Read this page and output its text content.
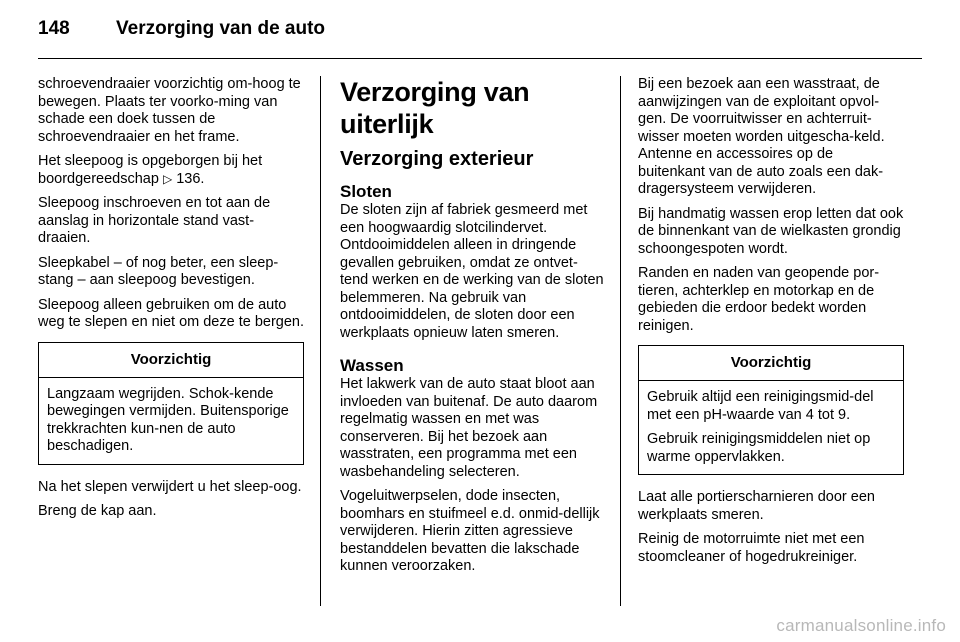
148	Verzorging van de auto

schroevendraaier voorzichtig om-hoog te bewegen. Plaats ter voorko-ming van schade een doek tussen de schroevendraaier en het frame.

Het sleepoog is opgeborgen bij het boordgereedschap ▷ 136.

Sleepoog inschroeven en tot aan de aanslag in horizontale stand vast-draaien.

Sleepkabel – of nog beter, een sleep-stang – aan sleepoog bevestigen.

Sleepoog alleen gebruiken om de auto weg te slepen en niet om deze te bergen.

Voorzichtig

Langzaam wegrijden. Schok-kende bewegingen vermijden. Buitensporige trekkrachten kun-nen de auto beschadigen.

Na het slepen verwijdert u het sleep-oog.

Breng de kap aan.

Verzorging van uiterlijk
Verzorging exterieur
Sloten

De sloten zijn af fabriek gesmeerd met een hoogwaardig slotcilindervet. Ontdooimiddelen alleen in dringende gevallen gebruiken, omdat ze ontvet-tend werken en de werking van de sloten belemmeren. Na gebruik van ontdooimiddelen, de sloten door een werkplaats opnieuw laten smeren.

Wassen

Het lakwerk van de auto staat bloot aan invloeden van buitenaf. De auto daarom regelmatig wassen en met was conserveren. Bij het bezoek aan wasstraten, een programma met een wasbehandeling selecteren.

Vogeluitwerpselen, dode insecten, boomhars en stuifmeel e.d. onmid-dellijk verwijderen. Hierin zitten agressieve bestanddelen bevatten die lakschade kunnen veroorzaken.

Bij een bezoek aan een wasstraat, de aanwijzingen van de exploitant opvol-gen. De voorruitwisser en achterruit-wisser moeten worden uitgescha-keld. Antenne en accessoires op de buitenkant van de auto zoals een dak-dragersysteem verwijderen.

Bij handmatig wassen erop letten dat ook de binnenkant van de wielkasten grondig schoongespoten wordt.

Randen en naden van geopende por-tieren, achterklep en motorkap en de gebieden die erdoor bedekt worden reinigen.

Voorzichtig

Gebruik altijd een reinigingsmid-del met een pH-waarde van 4 tot 9.

Gebruik reinigingsmiddelen niet op warme oppervlakken.

Laat alle portierscharnieren door een werkplaats smeren.

Reinig de motorruimte niet met een stoomcleaner of hogedrukreiniger.

carmanualsonline.info
